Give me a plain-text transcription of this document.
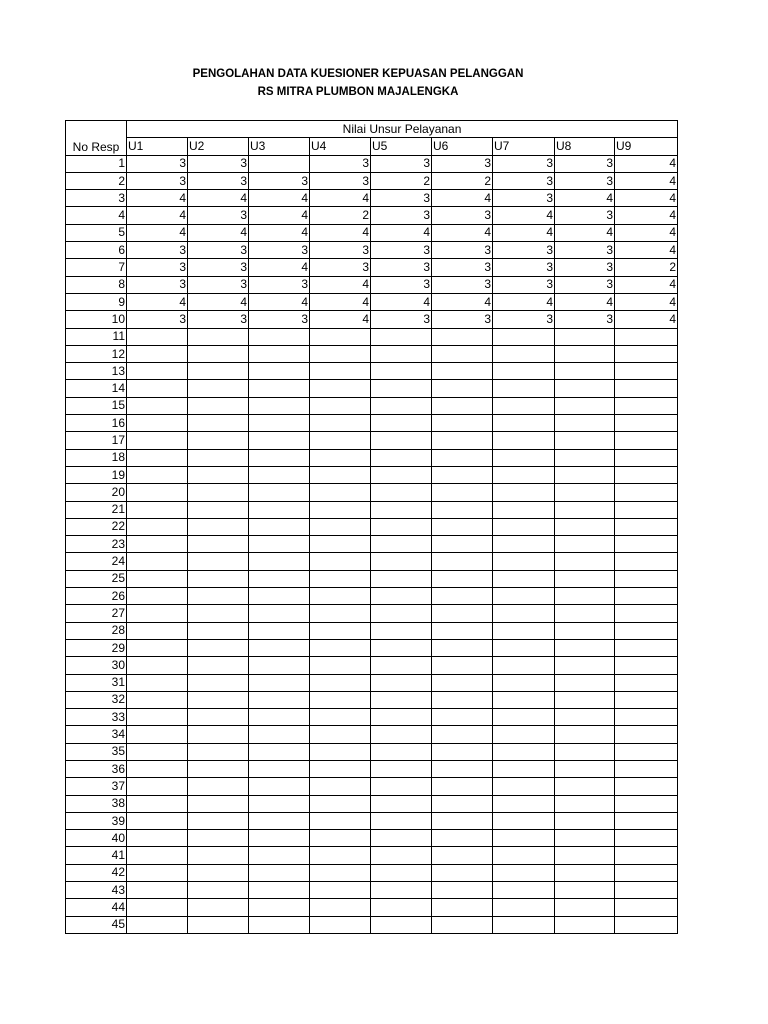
PENGOLAHAN DATA KUESIONER KEPUASAN PELANGGAN
RS MITRA PLUMBON MAJALENGKA
No Resp	Nilai Unsur Pelayanan								
	U1	U2	U3	U4	U5	U6	U7	U8	U9
1	3	3		3	3	3	3	3	4
2	3	3	3	3	2	2	3	3	4
3	4	4	4	4	3	4	3	4	4
4	4	3	4	2	3	3	4	3	4
5	4	4	4	4	4	4	4	4	4
6	3	3	3	3	3	3	3	3	4
7	3	3	4	3	3	3	3	3	2
8	3	3	3	4	3	3	3	3	4
9	4	4	4	4	4	4	4	4	4
10	3	3	3	4	3	3	3	3	4
11									
12									
13									
14									
15									
16									
17									
18									
19									
20									
21									
22									
23									
24									
25									
26									
27									
28									
29									
30									
31									
32									
33									
34									
35									
36									
37									
38									
39									
40									
41									
42									
43									
44									
45									
